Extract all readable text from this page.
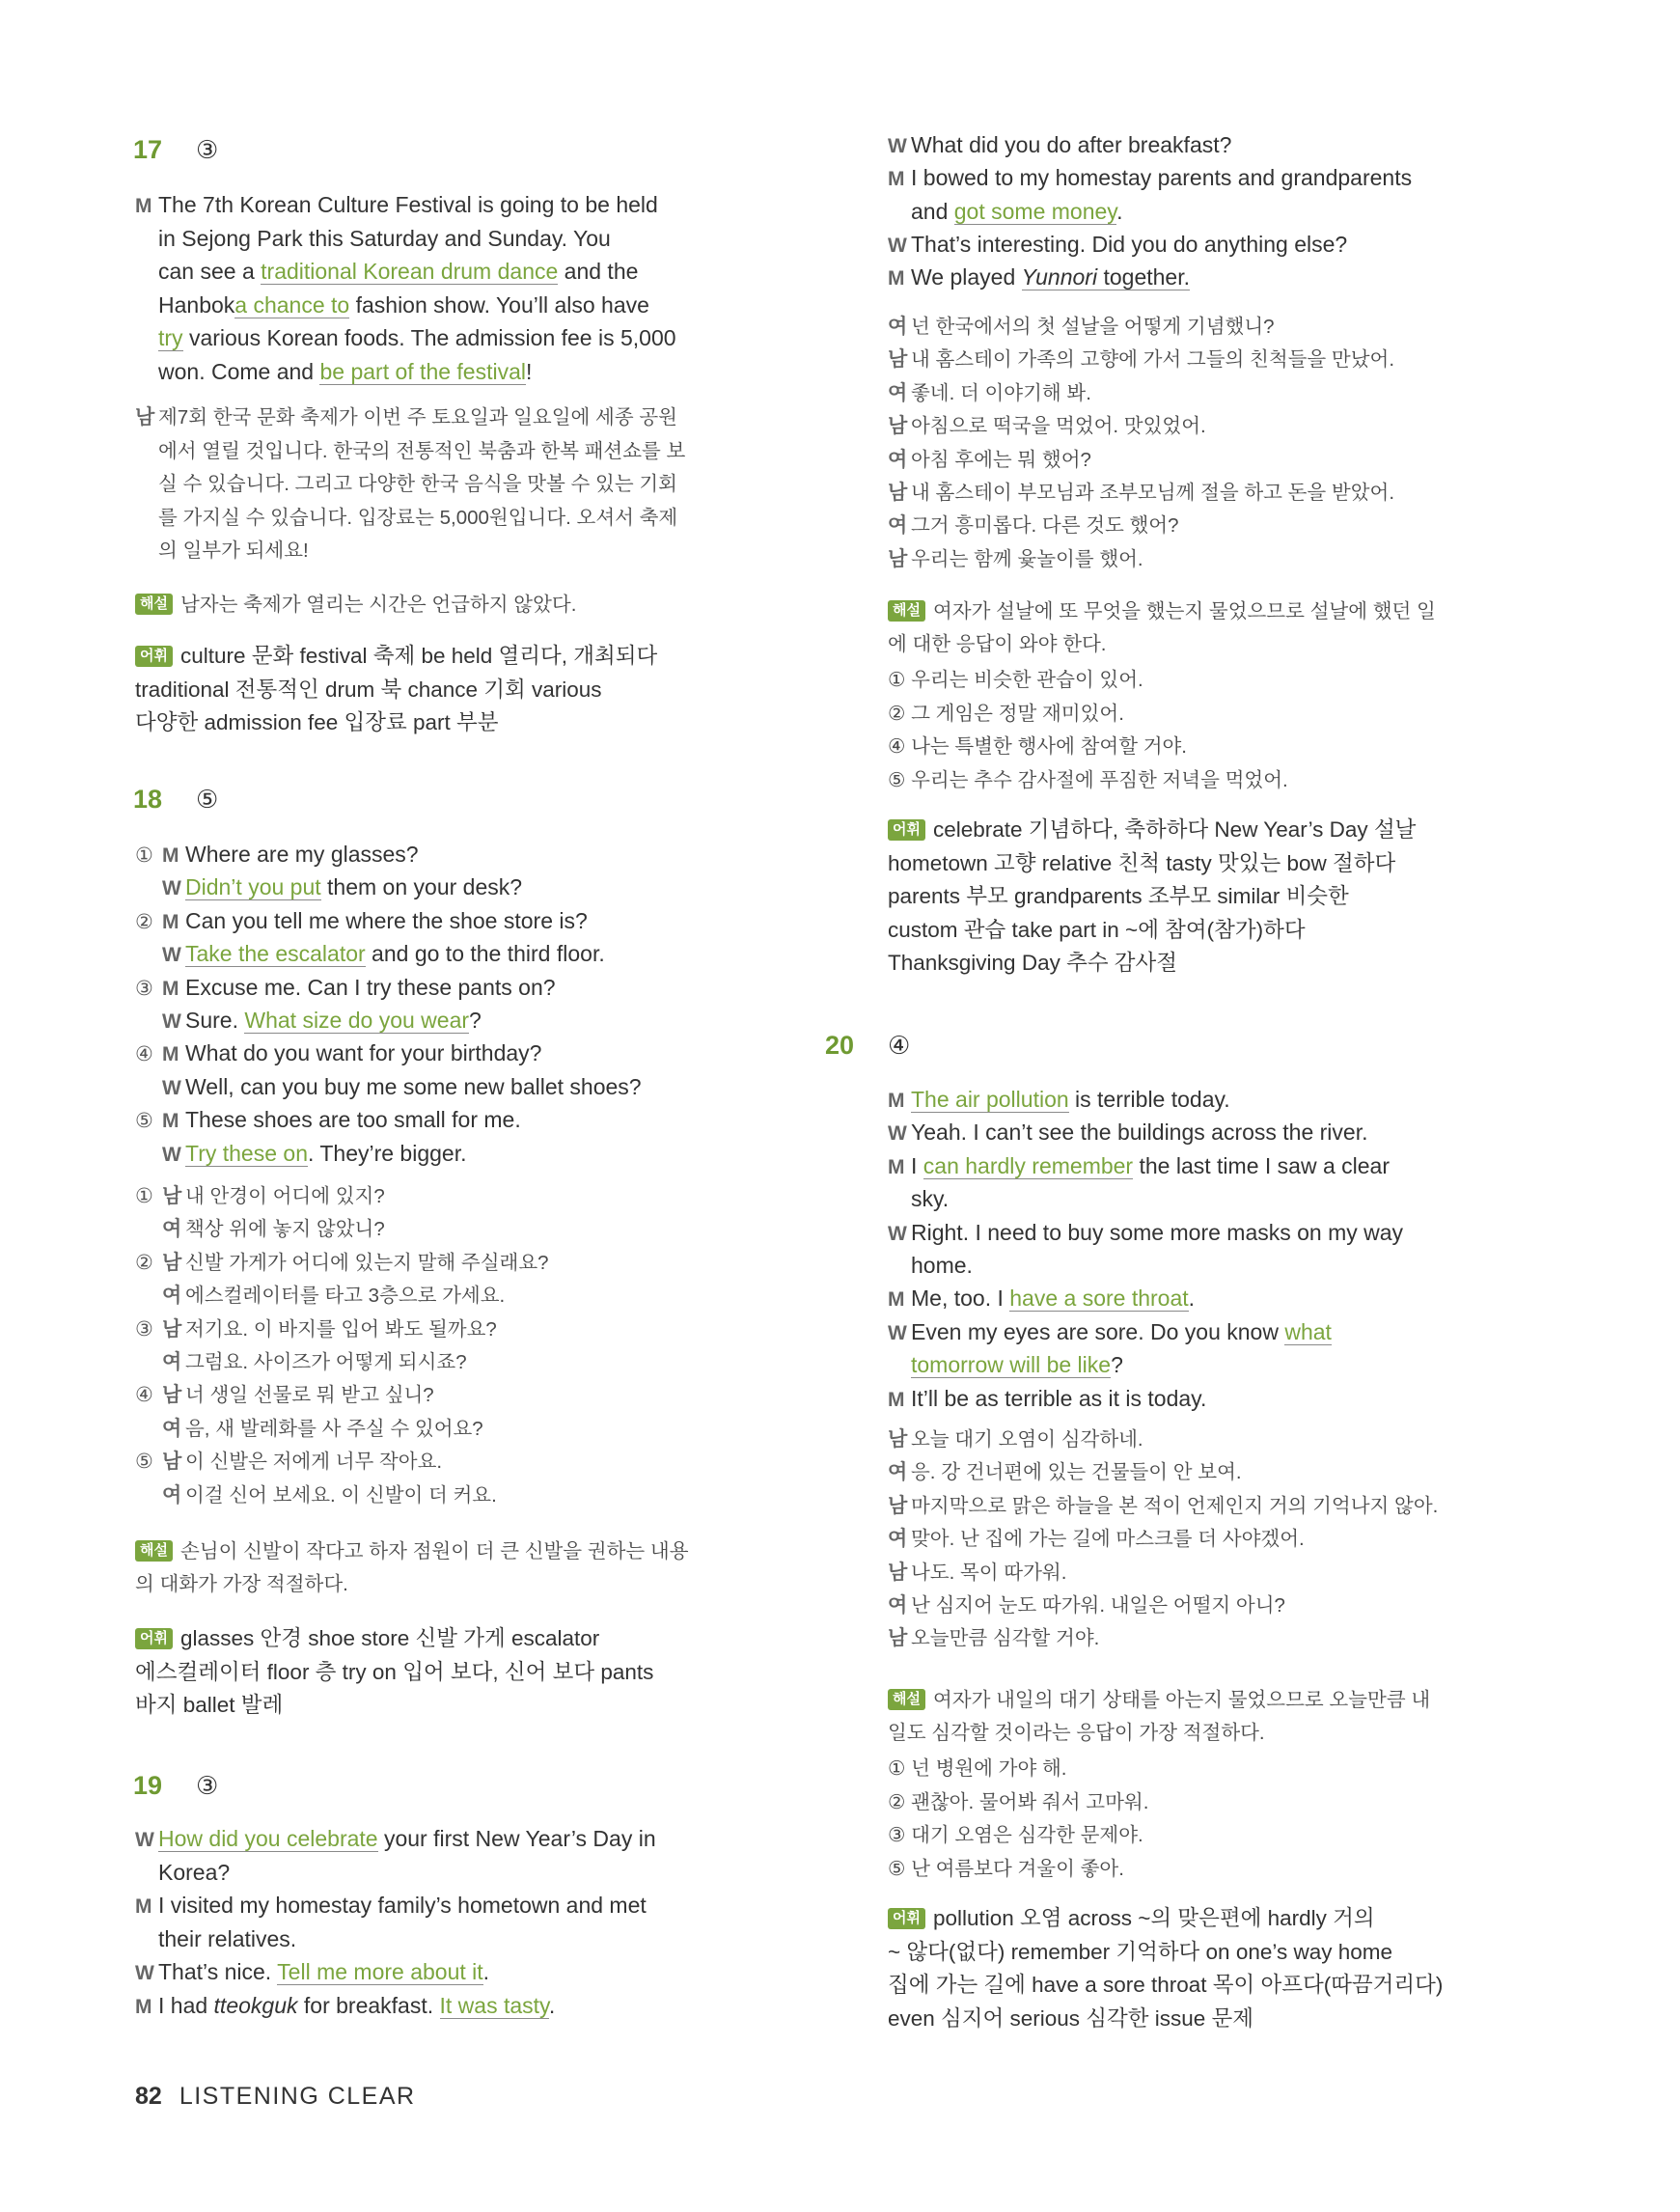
17	③
M The 7th Korean Culture Festival is going to be held
in Sejong Park this Saturday and Sunday. You
can see a traditional Korean drum dance and the
Hanboka chance to fashion show. You’ll also have
try various Korean foods. The admission fee is 5,000
won. Come and be part of the festival!
남 제7회 한국 문화 축제가 이번 주 토요일과 일요일에 세종 공원
에서 열릴 것입니다. 한국의 전통적인 북춤과 한복 패션쇼를 보
실 수 있습니다. 그리고 다양한 한국 음식을 맛볼 수 있는 기회
를 가지실 수 있습니다. 입장료는 5,000원입니다. 오셔서 축제
의 일부가 되세요!
해설 남자는 축제가 열리는 시간은 언급하지 않았다.
어휘 culture 문화 festival 축제 be held 열리다, 개최되다
traditional 전통적인 drum 북 chance 기회 various
다양한 admission fee 입장료 part 부분
18	⑤
① M Where are my glasses?
W Didn’t you put them on your desk?
② M Can you tell me where the shoe store is?
W Take the escalator and go to the third floor.
③ M Excuse me. Can I try these pants on?
W Sure. What size do you wear?
④ M What do you want for your birthday?
W Well, can you buy me some new ballet shoes?
⑤ M These shoes are too small for me.
W Try these on. They’re bigger.
① 남 내 안경이 어디에 있지?
여 책상 위에 놓지 않았니?
② 남 신발 가게가 어디에 있는지 말해 주실래요?
여 에스컬레이터를 타고 3층으로 가세요.
③ 남 저기요. 이 바지를 입어 봐도 될까요?
여 그럼요. 사이즈가 어떻게 되시죠?
④ 남 너 생일 선물로 뭐 받고 싶니?
여 음, 새 발레화를 사 주실 수 있어요?
⑤ 남 이 신발은 저에게 너무 작아요.
여 이걸 신어 보세요. 이 신발이 더 커요.
해설 손님이 신발이 작다고 하자 점원이 더 큰 신발을 권하는 내용
의 대화가 가장 적절하다.
어휘 glasses 안경 shoe store 신발 가게 escalator
에스컬레이터 floor 층 try on 입어 보다, 신어 보다 pants
바지 ballet 발레
19	③
W How did you celebrate your first New Year’s Day in
Korea?
M I visited my homestay family’s hometown and met
their relatives.
W That’s nice. Tell me more about it.
M I had tteokguk for breakfast. It was tasty.
W What did you do after breakfast?
M I bowed to my homestay parents and grandparents
and got some money.
W That’s interesting. Did you do anything else?
M We played Yunnori together.
여 넌 한국에서의 첫 설날을 어떻게 기념했니?
남 내 홈스테이 가족의 고향에 가서 그들의 친척들을 만났어.
여 좋네. 더 이야기해 봐.
남 아침으로 떡국을 먹었어. 맛있었어.
여 아침 후에는 뭐 했어?
남 내 홈스테이 부모님과 조부모님께 절을 하고 돈을 받았어.
여 그거 흥미롭다. 다른 것도 했어?
남 우리는 함께 윷놀이를 했어.
해설 여자가 설날에 또 무엇을 했는지 물었으므로 설날에 했던 일
에 대한 응답이 와야 한다.
① 우리는 비슷한 관습이 있어.
② 그 게임은 정말 재미있어.
④ 나는 특별한 행사에 참여할 거야.
⑤ 우리는 추수 감사절에 푸짐한 저녁을 먹었어.
어휘 celebrate 기념하다, 축하하다 New Year’s Day 설날
hometown 고향 relative 친척 tasty 맛있는 bow 절하다
parents 부모 grandparents 조부모 similar 비슷한
custom 관습 take part in ~에 참여(참가)하다
Thanksgiving Day 추수 감사절
20	④
M The air pollution is terrible today.
W Yeah. I can’t see the buildings across the river.
M I can hardly remember the last time I saw a clear
sky.
W Right. I need to buy some more masks on my way
home.
M Me, too. I have a sore throat.
W Even my eyes are sore. Do you know what
tomorrow will be like?
M It’ll be as terrible as it is today.
남 오늘 대기 오염이 심각하네.
여 응. 강 건너편에 있는 건물들이 안 보여.
남 마지막으로 맑은 하늘을 본 적이 언제인지 거의 기억나지 않아.
여 맞아. 난 집에 가는 길에 마스크를 더 사야겠어.
남 나도. 목이 따가워.
여 난 심지어 눈도 따가워. 내일은 어떨지 아니?
남 오늘만큼 심각할 거야.
해설 여자가 내일의 대기 상태를 아는지 물었으므로 오늘만큼 내
일도 심각할 것이라는 응답이 가장 적절하다.
① 넌 병원에 가야 해.
② 괜찮아. 물어봐 줘서 고마워.
③ 대기 오염은 심각한 문제야.
⑤ 난 여름보다 겨울이 좋아.
어휘 pollution 오염 across ~의 맞은편에 hardly 거의
~ 않다(없다) remember 기억하다 on one’s way home
집에 가는 길에 have a sore throat 목이 아프다(따끔거리다)
even 심지어 serious 심각한 issue 문제
82 LISTENING CLEAR
